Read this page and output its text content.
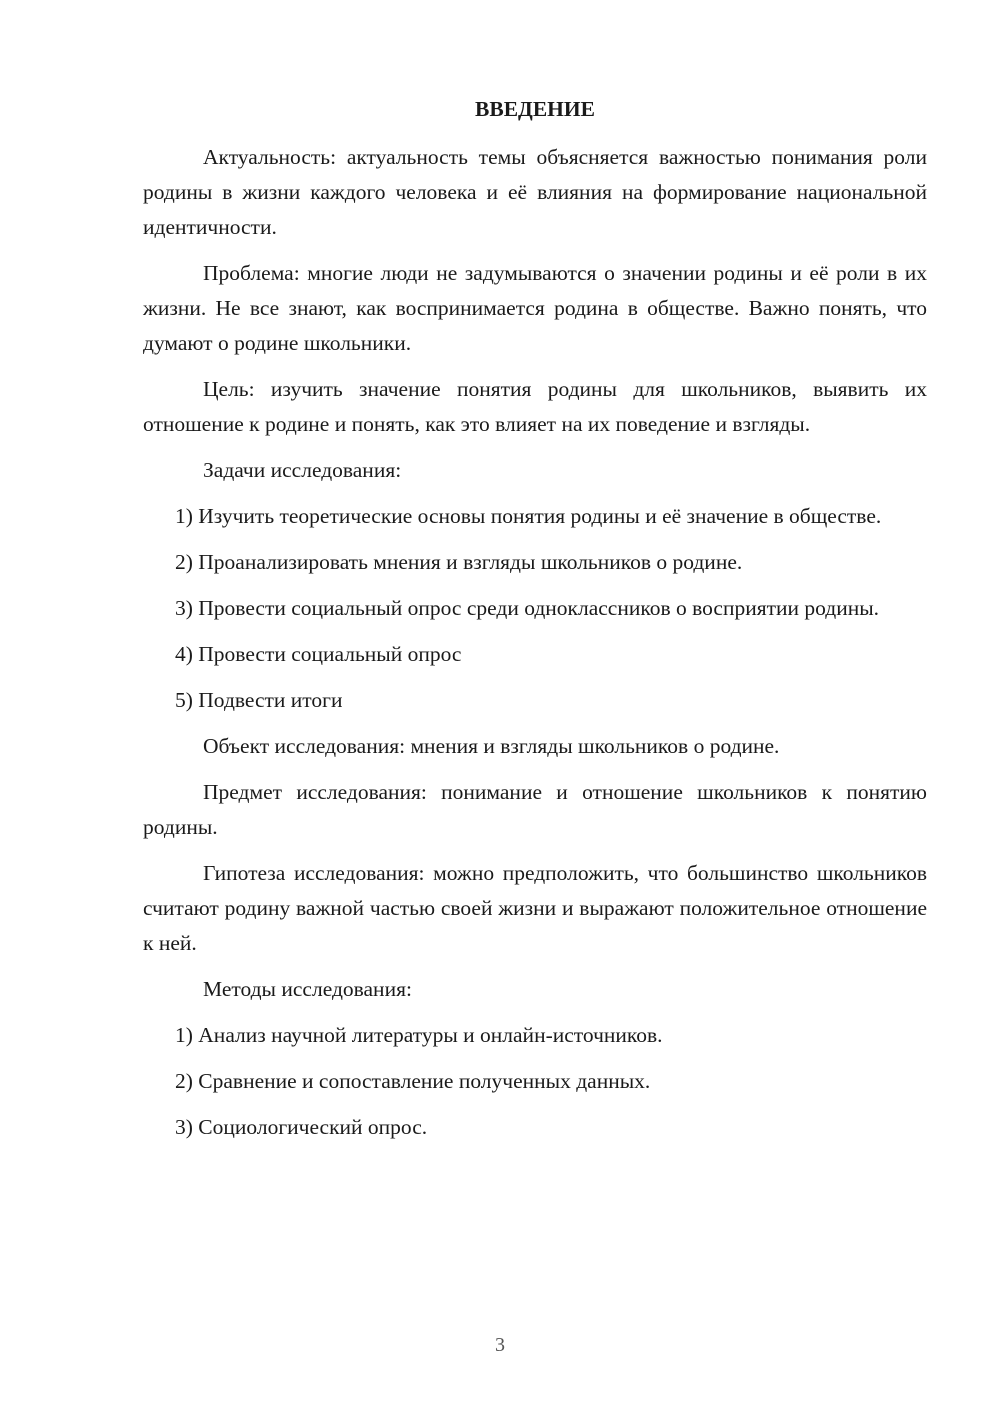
ВВЕДЕНИЕ

Актуальность: актуальность темы объясняется важностью понимания роли родины в жизни каждого человека и её влияния на формирование национальной идентичности.

Проблема: многие люди не задумываются о значении родины и её роли в их жизни. Не все знают, как воспринимается родина в обществе. Важно понять, что думают о родине школьники.

Цель: изучить значение понятия родины для школьников, выявить их отношение к родине и понять, как это влияет на их поведение и взгляды.

Задачи исследования:

1) Изучить теоретические основы понятия родины и её значение в обществе.

2) Проанализировать мнения и взгляды школьников о родине.

3) Провести социальный опрос среди одноклассников о восприятии родины.

4) Провести социальный опрос

5) Подвести итоги

Объект исследования: мнения и взгляды школьников о родине.

Предмет исследования: понимание и отношение школьников к понятию родины.

Гипотеза исследования: можно предположить, что большинство школьников считают родину важной частью своей жизни и выражают положительное отношение к ней.

Методы исследования:

1) Анализ научной литературы и онлайн-источников.

2) Сравнение и сопоставление полученных данных.

3) Социологический опрос.

3
